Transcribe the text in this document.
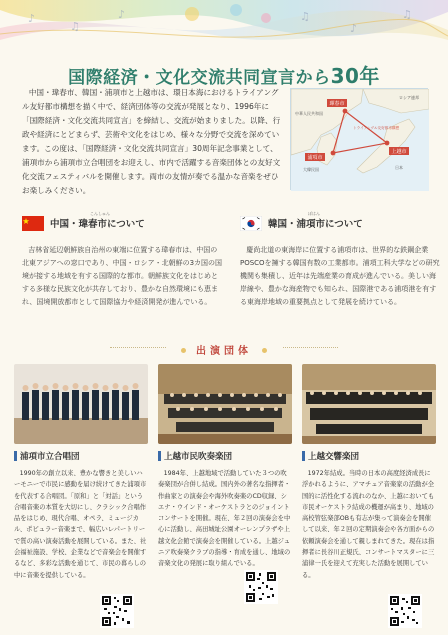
♪
♫
♪	♫
♪
♫
国際経済・文化交流共同宣言から30年

中国・瑋春市、韓国・浦項市と上越市は、環日本海におけるトライアングル友好都市構想を描く中で、経済団体等の交流が発展となり、1996年に「国際経済・文化交流共同宣言」を締結し、交流が始まりました。以降、行政や経済にとどまらず、芸術や文化をはじめ、様々な分野で交流を深めています。この度は、「国際経済・文化交流共同宣言」30周年記念事業として、浦項市から浦項市立合唱団をお迎えし、市内で活躍する音楽団体との友好文化交流フェスティバルを開催します。両市の友情が奏でる温かな音楽をぜひお楽しみください。

琿春市
浦項市
上越市
ロシア連邦
中華人民共和国
大韓民国	日本
トライアングル友好都市構想
こんしゅん
中国・瑋春市について

吉林省延辺朝鮮族自治州の東端に位置する瑋春市は、中国の北東アジアへの窓口であり、中国・ロシア・北朝鮮の3カ国の国境が接する地域を有する国際的な都市。朝鮮族文化をはじめとする多様な民族文化が共存しており、豊かな自然環境にも恵まれ、国境開放都市として国際協力や経済開発が進んでいる。

ぽはん
韓国・浦項市について

慶尚北道の東海岸に位置する浦項市は、世界的な鉄鋼企業POSCOを擁する韓国有数の工業都市。浦項工科大学などの研究機関も集積し、近年は先端産業の育成が進んでいる。美しい海岸線や、豊かな海産物でも知られ、国際港である浦項港を有する東海岸地域の重要拠点として発展を続けている。

出演団体
浦項市立合唱団

1990年の創立以来、豊かな響きと美しいハーモニーで市民に感動を届け続けてきた浦項市を代表する合唱団。「原和」と「対話」という合唱音楽の本質を大切にし、クラシック合唱作品をはじめ、現代合唱、オペラ、ミュージカル、ポピュラー音楽まで、幅広いレパートリーで質の高い演奏活動を展開している。また、社会福祉施設、学校、企業などで音楽会を開催するなど、多彩な活動を通じて、市民の暮らしの中に音楽を提供している。

上越市民吹奏楽団

1984年、上越地域で活動していた３つの吹奏楽団が合併し結成。国内外の著名な指揮者・作曲家との演奏会や海外吹奏楽のCD収録、シエナ・ウインド・オーケストラとのジョイントコンサートを開催。現在、年２回の演奏会を中心に活動し、高田城址公園オーレンプラザや上越文化会館で演奏会を開催している。上越ジュニア吹奏楽クラブの指導・育成を通し、地域の音楽文化の発展に取り組んでいる。

上越交響楽団

1972年結成。当時の日本の高度経済成長に浮かれるように、アマチュア音楽家の活動が全国的に活性化する流れのなか、上越においても市民オーケストラ結成の機運が高まり、地域の高校管弦楽部OBも有志が集って演奏会を開催して以来、年２回の定期演奏会や各方面からの依頼演奏会を通して親しまれてきた。現在は指揮者に長谷川正規氏、コンサートマスターに三浦律一氏を迎えて充実した活動を展開している。
